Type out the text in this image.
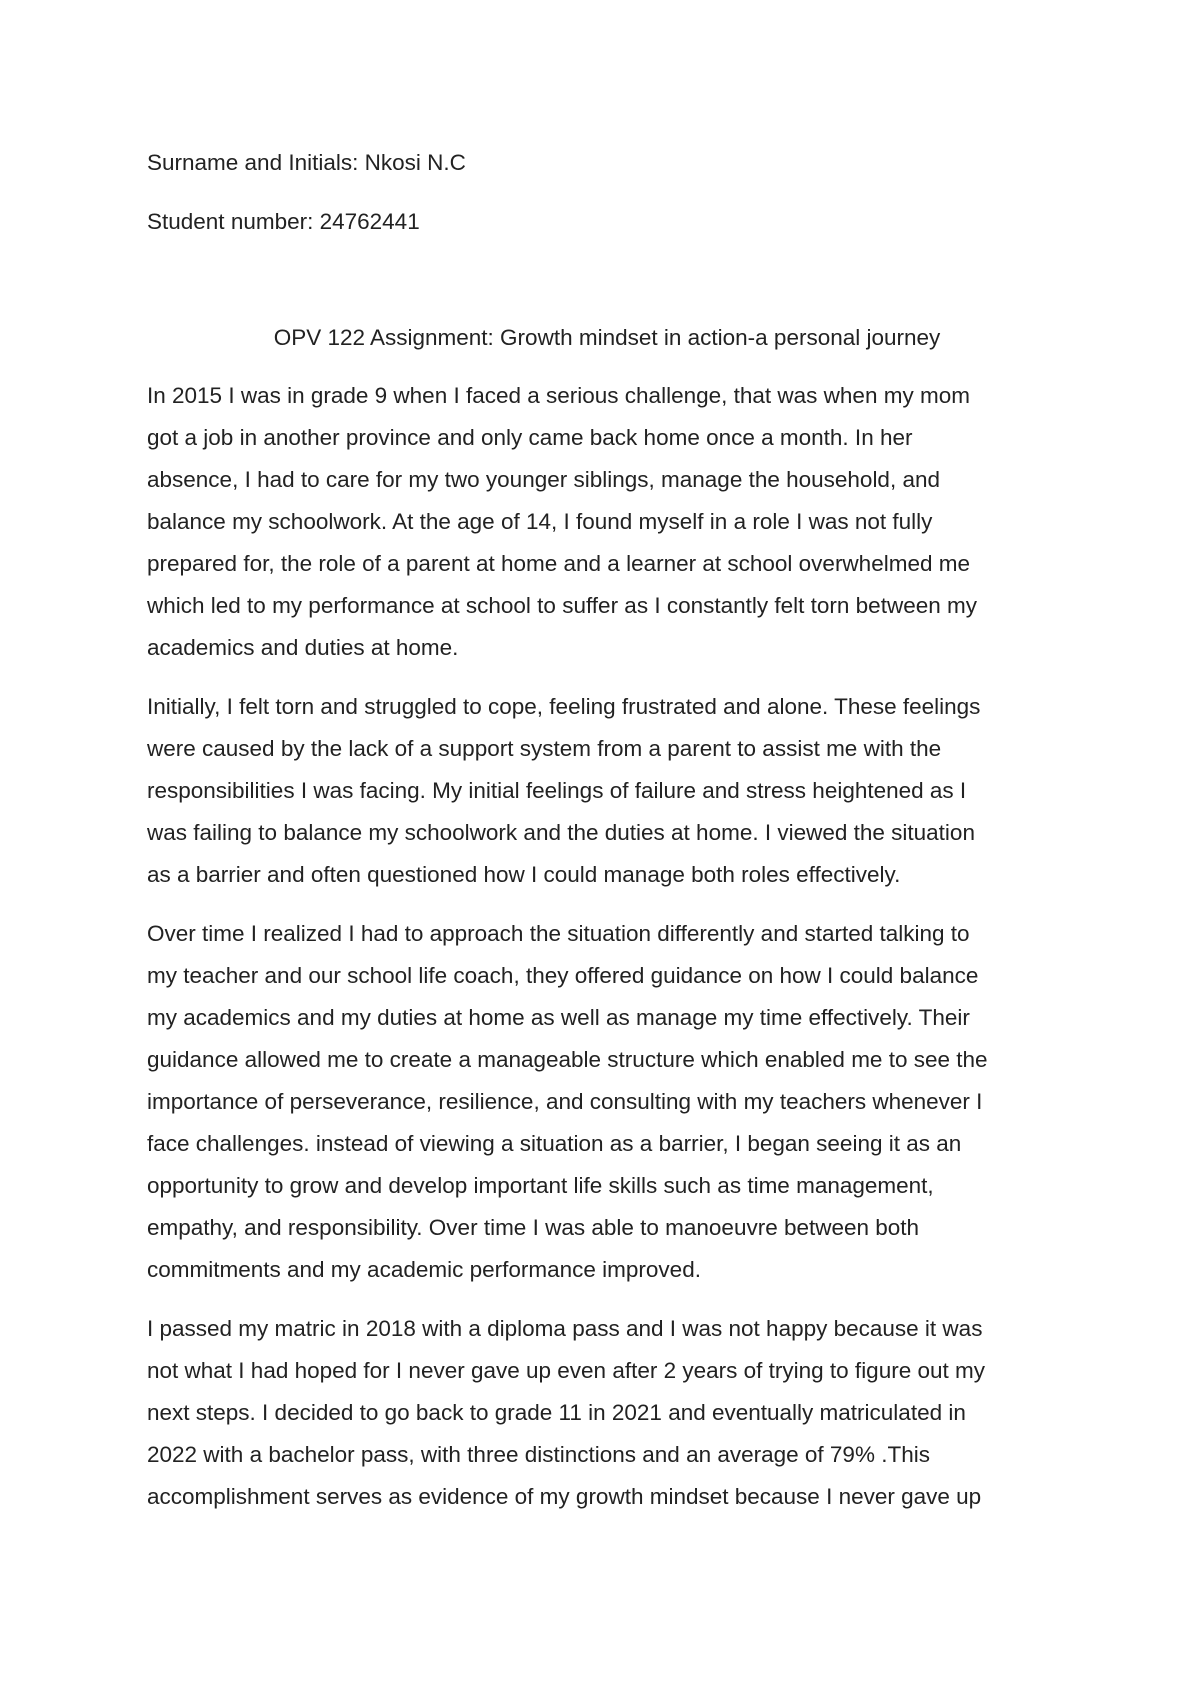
Surname and Initials: Nkosi N.C

Student number: 24762441

OPV 122 Assignment: Growth mindset in action-a personal journey

In 2015 I was in grade 9 when I faced a serious challenge, that was when my mom
got a job in another province and only came back home once a month. In her
absence, I had to care for my two younger siblings, manage the household, and
balance my schoolwork. At the age of 14, I found myself in a role I was not fully
prepared for, the role of a parent at home and a learner at school overwhelmed me
which led to my performance at school to suffer as I constantly felt torn between my
academics and duties at home.

Initially, I felt torn and struggled to cope, feeling frustrated and alone. These feelings
were caused by the lack of a support system from a parent to assist me with the
responsibilities I was facing. My initial feelings of failure and stress heightened as I
was failing to balance my schoolwork and the duties at home. I viewed the situation
as a barrier and often questioned how I could manage both roles effectively.

Over time I realized I had to approach the situation differently and started talking to
my teacher and our school life coach, they offered guidance on how I could balance
my academics and my duties at home as well as manage my time effectively. Their
guidance allowed me to create a manageable structure which enabled me to see the
importance of perseverance, resilience, and consulting with my teachers whenever I
face challenges. instead of viewing a situation as a barrier, I began seeing it as an
opportunity to grow and develop important life skills such as time management,
empathy, and responsibility. Over time I was able to manoeuvre between both
commitments and my academic performance improved.

I passed my matric in 2018 with a diploma pass and I was not happy because it was
not what I had hoped for I never gave up even after 2 years of trying to figure out my
next steps. I decided to go back to grade 11 in 2021 and eventually matriculated in
2022 with a bachelor pass, with three distinctions and an average of 79% .This
accomplishment serves as evidence of my growth mindset because I never gave up
